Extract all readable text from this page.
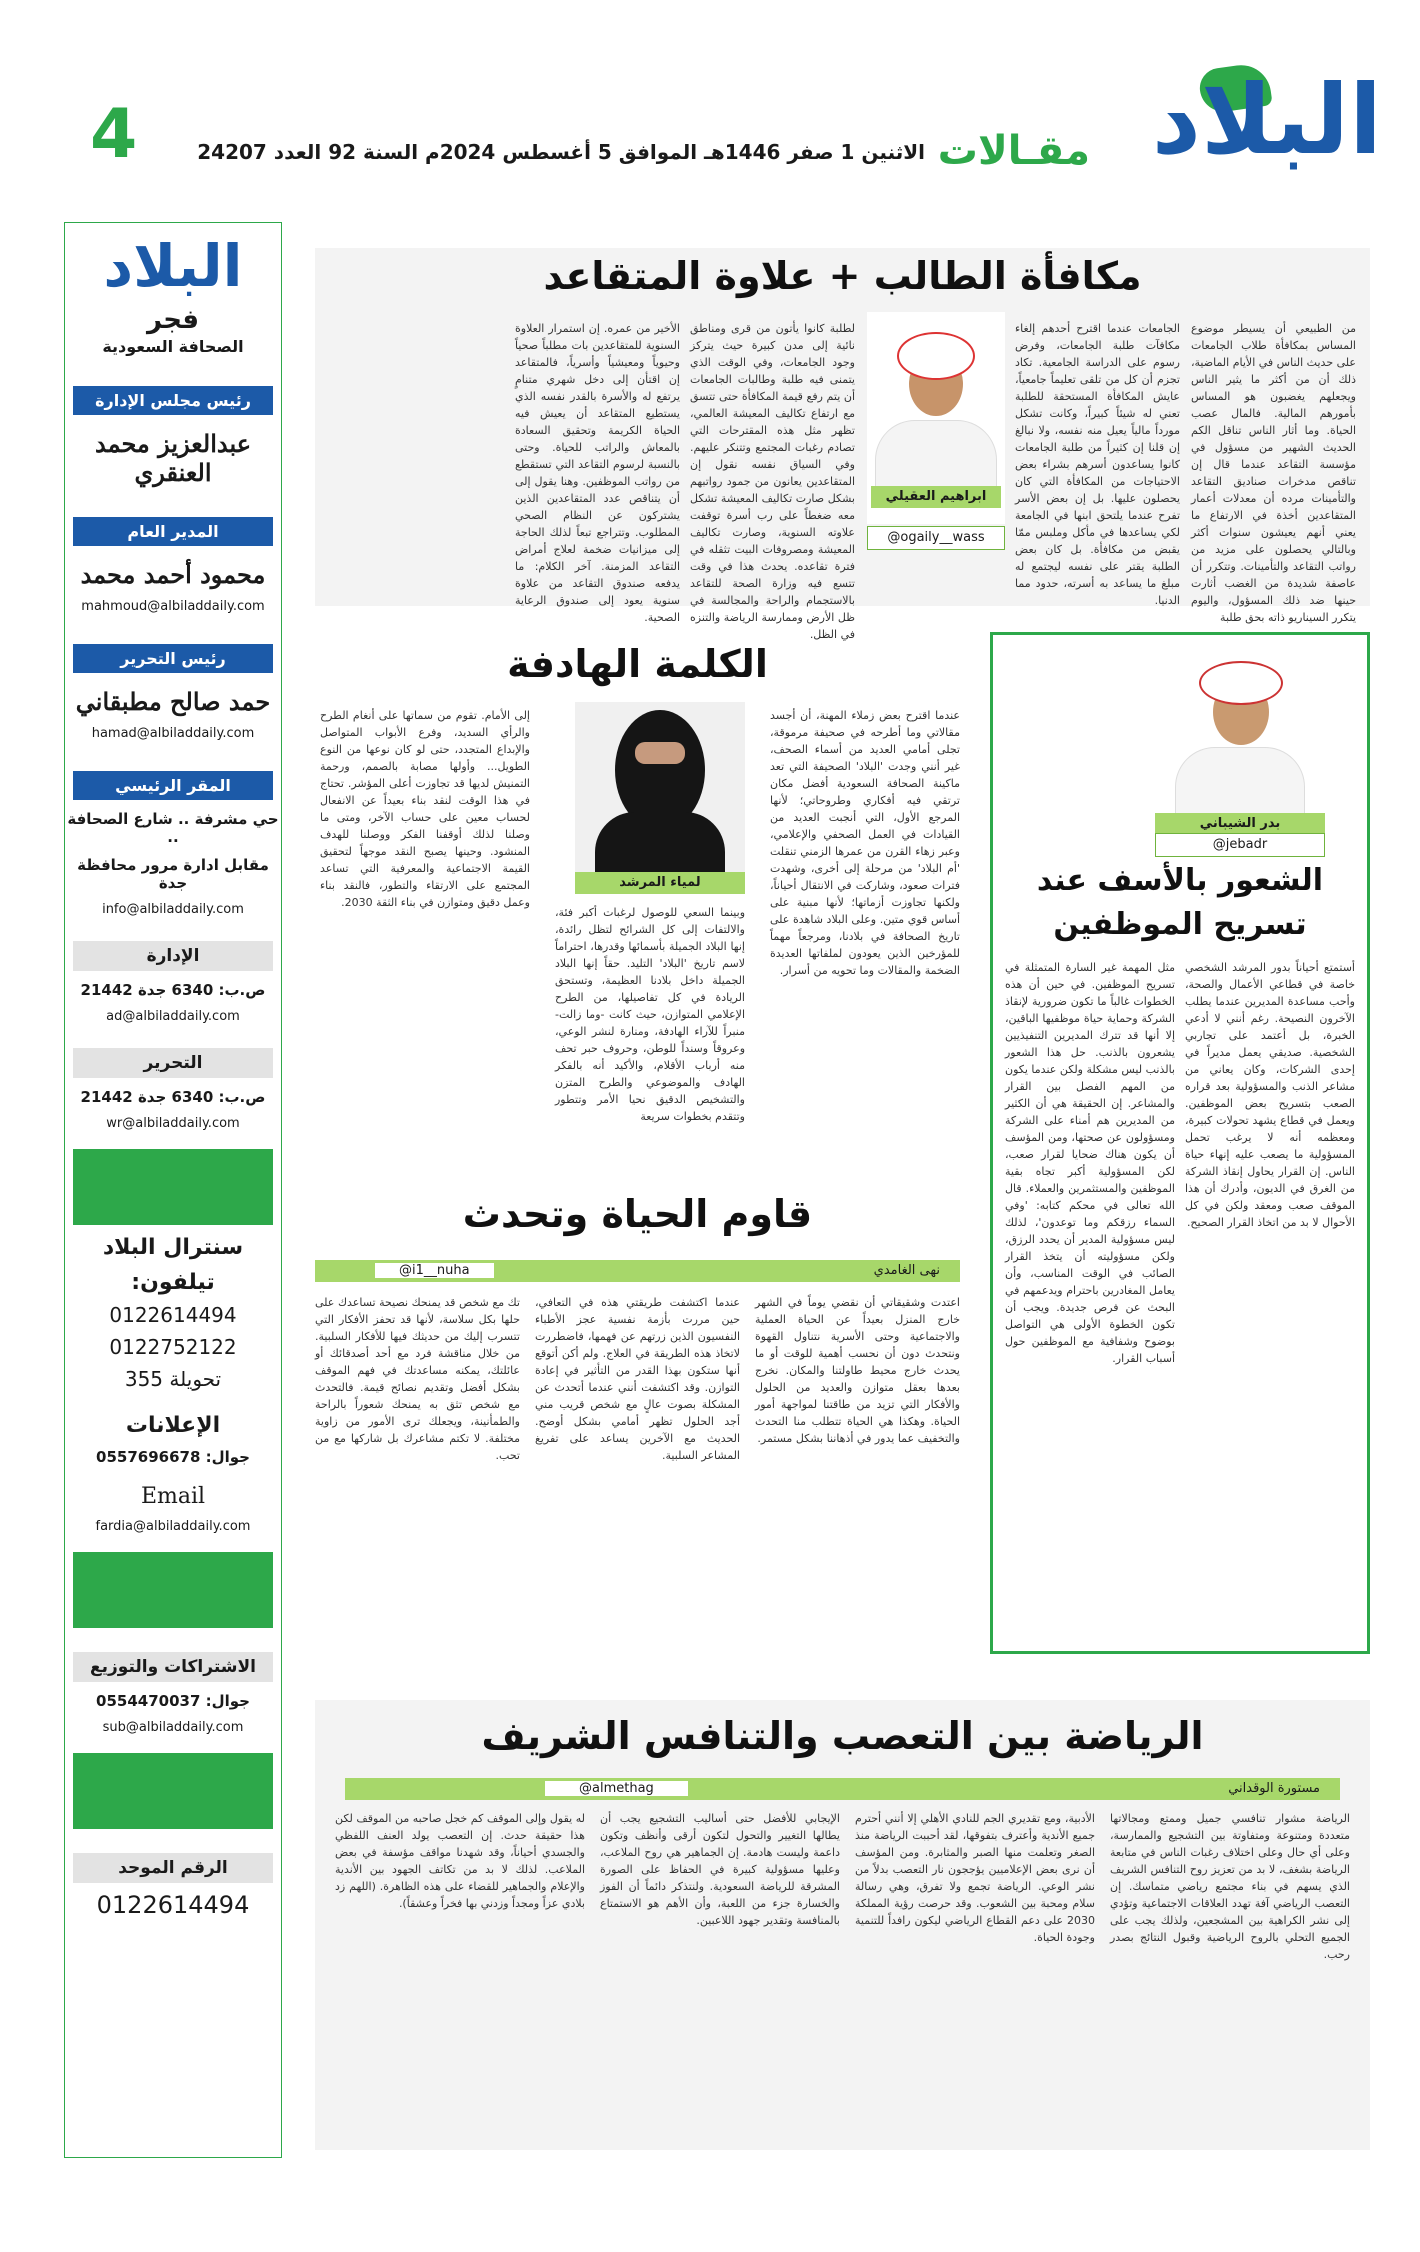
البلاد
مقـالات
الاثنين 1 صفر 1446هـ الموافق 5 أغسطس 2024م السنة 92 العدد 24207
4
البلاد
فجر
الصحافة السعودية
رئيس مجلس الإدارة
عبدالعزيز محمد العنقري
المدير العام
محمود أحمد محمد
mahmoud@albiladdaily.com
رئيس التحرير
حمد صالح مطبقاني
hamad@albiladdaily.com
المقر الرئيسي
حي مشرفة .. شارع الصحافة ..
مقابل ادارة مرور محافظة جدة
info@albiladdaily.com
الإدارة
ص.ب: 6340 جدة 21442
ad@albiladdaily.com
التحرير
ص.ب: 6340 جدة 21442
wr@albiladdaily.com
سنترال البلاد
تيلفون:
0122614494
0122752122
تحويلة 355
الإعلانات
جوال: 0557696678
Email
fardia@albiladdaily.com
الاشتراكات والتوزيع
جوال: 0554470037
sub@albiladdaily.com
الرقم الموحد
0122614494
مكافأة الطالب + علاوة المتقاعد
من الطبيعي أن يسيطر موضوع المساس بمكافأة طلاب الجامعات على حديث الناس في الأيام الماضية، ذلك أن من أكثر ما يثير الناس ويجعلهم يغضبون هو المساس بأمورهم المالية. فالمال عصب الحياة. وما أثار الناس تناقل الكم الحديث الشهير من مسؤول في مؤسسة التقاعد عندما قال إن تناقص مدخرات صناديق التقاعد والتأمينات مرده أن معدلات أعمار المتقاعدين أخذة في الارتفاع ما يعني أنهم يعيشون سنوات أكثر وبالتالي يحصلون على مزيد من رواتب التقاعد والتأمينات. وتتكرر أن عاصفة شديدة من الغضب أثارت حينها ضد ذلك المسؤول، واليوم يتكرر السيناريو ذاته بحق طلبة
الجامعات عندما اقترح أحدهم إلغاء مكافآت طلبة الجامعات، وفرض رسوم على الدراسة الجامعية. تكاد تجزم أن كل من تلقى تعليماً جامعياً، عايش المكافأة المستحقة للطلبة تعني له شيئاً كبيراً، وكانت تشكل مورداً مالياً يعيل منه نفسه، ولا نبالغ إن قلنا إن كثيراً من طلبة الجامعات كانوا يساعدون أسرهم بشراء بعض الاحتياجات من المكافأة التي كان يحصلون عليها. بل إن بعض الأسر تفرح عندما يلتحق ابنها في الجامعة لكي يساعدها في مأكل وملبس ممّا يقبض من مكافأة. بل كان بعض الطلبة يقتر على نفسه ليجتمع له مبلغ ما يساعد به أسرته، حدود مما الدنيا.
ابراهيم العقيلي
@ogaily__wass
لطلبة كانوا يأتون من قرى ومناطق نائية إلى مدن كبيرة حيث يتركز وجود الجامعات، وفي الوقت الذي يتمنى فيه طلبة وطالبات الجامعات أن يتم رفع قيمة المكافأة حتى تتسق مع ارتفاع تكاليف المعيشة العالمي، تظهر مثل هذه المقترحات التي تصادم رغبات المجتمع وتتنكر عليهم. وفي السياق نفسه نقول إن المتقاعدين يعانون من جمود رواتبهم بشكل صارت تكاليف المعيشة تشكل معه ضغطاً على رب أسرة توقفت علاوته السنوية، وصارت تكاليف المعيشة ومصروفات البيت تثقله في فترة تقاعده. يحدث هذا في وقت تتسع فيه وزارة الصحة للتقاعد بالاستجمام والراحة والمجالسة في ظل الأرض وممارسة الرياضة والتنزه في الظل.
الأخير من عمره. إن استمرار العلاوة السنوية للمتقاعدين بات مطلباً صحياً وحيوياً ومعيشياً وأسرياً، فالمتقاعد إن اقتأن إلى دخل شهري متنامٍ يرتفع له والأسرة بالقدر نفسه الذي يستطيع المتقاعد أن يعيش فيه الحياة الكريمة وتحقيق السعادة بالمعاش والراتب للحياة. وحتى بالنسبة لرسوم التقاعد التي تستقطع من رواتب الموظفين. وهنا يقول إلى أن يتناقص عدد المتقاعدين الذين يشتركون عن النظام الصحي المطلوب. وتتراجع تبعاً لذلك الحاجة إلى ميزانيات ضخمة لعلاج أمراض التقاعد المزمنة. آخر الكلام: ما يدفعه صندوق التقاعد من علاوة سنوية يعود إلى صندوق الرعاية الصحية.
بدر الشيباني
@jebadr
الشعور بالأسف عند تسريح الموظفين
أستمتع أحياناً بدور المرشد الشخصي خاصة في قطاعي الأعمال والصحة، وأحب مساعدة المديرين عندما يطلب الآخرون النصيحة. رغم أنني لا أدعي الخبرة، بل أعتمد على تجاربي الشخصية. صديقي يعمل مديراً في إحدى الشركات، وكان يعاني من مشاعر الذنب والمسؤولية بعد قراره الصعب بتسريح بعض الموظفين. ويعمل في قطاع يشهد تحولات كبيرة، ومعظمه أنه لا يرغب تحمل المسؤولية ما يصعب عليه إنهاء حياة الناس. إن القرار يحاول إنقاذ الشركة من الغرق في الديون، وأدرك أن هذا الموقف صعب ومعقد ولكن في كل الأحوال لا بد من اتخاذ القرار الصحيح.
مثل المهمة غير السارة المتمثلة في تسريح الموظفين. في حين أن هذه الخطوات غالباً ما تكون ضرورية لإنقاذ الشركة وحماية حياة موظفيها الباقين، إلا أنها قد تترك المديرين التنفيذيين يشعرون بالذنب. حل هذا الشعور بالذنب ليس مشكلة ولكن عندما يكون من المهم الفصل بين القرار والمشاعر. إن الحقيقة هي أن الكثير من المديرين هم أمناء على الشركة ومسؤولون عن صحتها، ومن المؤسف أن يكون هناك ضحايا لقرار صعب، لكن المسؤولية أكبر تجاه بقية الموظفين والمستثمرين والعملاء. قال الله تعالى في محكم كتابه: 'وفي السماء رزقكم وما توعدون'، لذلك ليس مسؤولية المدير أن يحدد الرزق، ولكن مسؤوليته أن يتخذ القرار الصائب في الوقت المناسب، وأن يعامل المغادرين باحترام ويدعمهم في البحث عن فرص جديدة. ويجب أن تكون الخطوة الأولى هي التواصل بوضوح وشفافية مع الموظفين حول أسباب القرار.
الكلمة الهادفة
عندما اقترح بعض زملاء المهنة، أن أجسد مقالاتي وما أطرحه في صحيفة مرموقة، تجلى أمامي العديد من أسماء الصحف، غير أنني وجدت 'البلاد' الصحيفة التي تعد ماكينة الصحافة السعودية أفضل مكان ترتقي فيه أفكاري وطروحاتي؛ لأنها المرجع الأول، التي أنجبت العديد من القيادات في العمل الصحفي والإعلامي، وعبر زهاء القرن من عمرها الزمني تنقلت 'أم البلاد' من مرحلة إلى أخرى، وشهدت فترات صعود، وشاركت في الانتقال أحياناً، ولكنها تجاوزت أزماتها؛ لأنها مبنية على أساس قوي متين. وعلى البلاد شاهدة على تاريخ الصحافة في بلادنا، ومرجعاً مهماً للمؤرخين الذين يعودون لملفاتها العديدة الضخمة والمقالات وما تحويه من أسرار.
لمياء المرشد
وبينما السعي للوصول لرغبات أكبر فئة، والالتفات إلى كل الشرائح لتظل رائدة، إنها البلاد الجميلة بأسمائها وقدرها، احتراماً لاسم تاريخ 'البلاد' التليد. حقاً إنها البلاد الجميلة داخل بلادنا العظيمة، وتستحق الريادة في كل تفاصيلها، من الطرح الإعلامي المتوازن، حيث كانت -وما زالت- منبراً للآراء الهادفة، ومنارة لنشر الوعي، وعروقاً وسنداً للوطن، وحروف حبر تحف منه أرباب الأقلام، والأكيد أنه بالفكر الهادف والموضوعي والطرح المتزن والتشخيص الدقيق نحيا الأمر وتتطور وتتقدم بخطوات سريعة
إلى الأمام. تقوم من سماتها على أنغام الطرح والرأي السديد، وفرع الأبواب المتواصل والإبداع المتجدد، حتى لو كان نوعها من النوع الطويل... وأولها مصابة بالصمم، ورحمة التمنيش لديها قد تجاوزت أعلى المؤشر. تحتاج في هذا الوقت لنقد بناء بعيداً عن الانفعال لحساب معين على حساب الآخر، ومتى ما وصلنا لذلك أوقفنا الفكر ووصلنا للهدف المنشود. وحينها يصبح النقد موجهاً لتحقيق القيمة الاجتماعية والمعرفية التي تساعد المجتمع على الارتقاء والتطور، فالنقد بناء وعمل دقيق ومتوازن في بناء الثقة 2030.
قاوم الحياة وتحدث
نهى الغامدي
@i1__nuha
اعتدت وشقيقاتي أن نقضي يوماً في الشهر خارج المنزل بعيداً عن الحياة العملية والاجتماعية وحتى الأسرية نتناول القهوة ونتحدث دون أن نحسب أهمية للوقت أو ما يحدث خارج محيط طاولتنا والمكان. نخرج بعدها بعقل متوازن والعديد من الحلول والأفكار التي تزيد من طاقتنا لمواجهة أمور الحياة. وهكذا هي الحياة تتطلب منا التحدث والتخفيف عما يدور في أذهاننا بشكل مستمر.
عندما اكتشفت طريقتي هذه في التعافي، حين مررت بأزمة نفسية عجز الأطباء النفسيون الذين زرتهم عن فهمها، فاضطررت لاتخاذ هذه الطريقة في العلاج. ولم أكن أتوقع أنها ستكون بهذا القدر من التأثير في إعادة التوازن. وقد اكتشفت أنني عندما أتحدث عن المشكلة بصوت عالٍ مع شخص قريب مني أجد الحلول تظهر أمامي بشكل أوضح. الحديث مع الآخرين يساعد على تفريغ المشاعر السلبية.
تك مع شخص قد يمنحك نصيحة تساعدك على حلها بكل سلاسة، لأنها قد تحفز الأفكار التي تتسرب إليك من حديثك فيها للأفكار السلبية. من خلال مناقشة فرد مع أحد أصدقائك أو عائلتك، يمكنه مساعدتك في فهم الموقف بشكل أفضل وتقديم نصائح قيمة. فالتحدث مع شخص تثق به يمنحك شعوراً بالراحة والطمأنينة، ويجعلك ترى الأمور من زاوية مختلفة. لا تكتم مشاعرك بل شاركها مع من تحب.
الرياضة بين التعصب والتنافس الشريف
مستورة الوقداني
@almethag
الرياضة مشوار تنافسي جميل وممتع ومجالاتها متعددة ومتنوعة ومتفاوتة بين التشجيع والممارسة، وعلى أي حال وعلى اختلاف رغبات الناس في متابعة الرياضة بشغف، لا بد من تعزيز روح التنافس الشريف الذي يسهم في بناء مجتمع رياضي متماسك. إن التعصب الرياضي آفة تهدد العلاقات الاجتماعية وتؤدي إلى نشر الكراهية بين المشجعين، ولذلك يجب على الجميع التحلي بالروح الرياضية وقبول النتائج بصدر رحب.
الأدبية، ومع تقديري الجم للنادي الأهلي إلا أنني أحترم جميع الأندية وأعترف بتفوقها، لقد أحببت الرياضة منذ الصغر وتعلمت منها الصبر والمثابرة. ومن المؤسف أن نرى بعض الإعلاميين يؤججون نار التعصب بدلاً من نشر الوعي. الرياضة تجمع ولا تفرق، وهي رسالة سلام ومحبة بين الشعوب. وقد حرصت رؤية المملكة 2030 على دعم القطاع الرياضي ليكون رافداً للتنمية وجودة الحياة.
الإيجابي للأفضل حتى أساليب التشجيع يجب أن يطالها التغيير والتحول لتكون أرقى وأنظف وتكون داعمة وليست هادمة. إن الجماهير هي روح الملاعب، وعليها مسؤولية كبيرة في الحفاظ على الصورة المشرقة للرياضة السعودية. ولنتذكر دائماً أن الفوز والخسارة جزء من اللعبة، وأن الأهم هو الاستمتاع بالمنافسة وتقدير جهود اللاعبين.
له يقول وإلى الموقف كم خجل صاحبه من الموقف لكن هذا حقيقة حدث. إن التعصب يولد العنف اللفظي والجسدي أحياناً، وقد شهدنا مواقف مؤسفة في بعض الملاعب. لذلك لا بد من تكاتف الجهود بين الأندية والإعلام والجماهير للقضاء على هذه الظاهرة. (اللهم زد بلادي عزاً ومجداً وزدني بها فخراً وعشقاً).
